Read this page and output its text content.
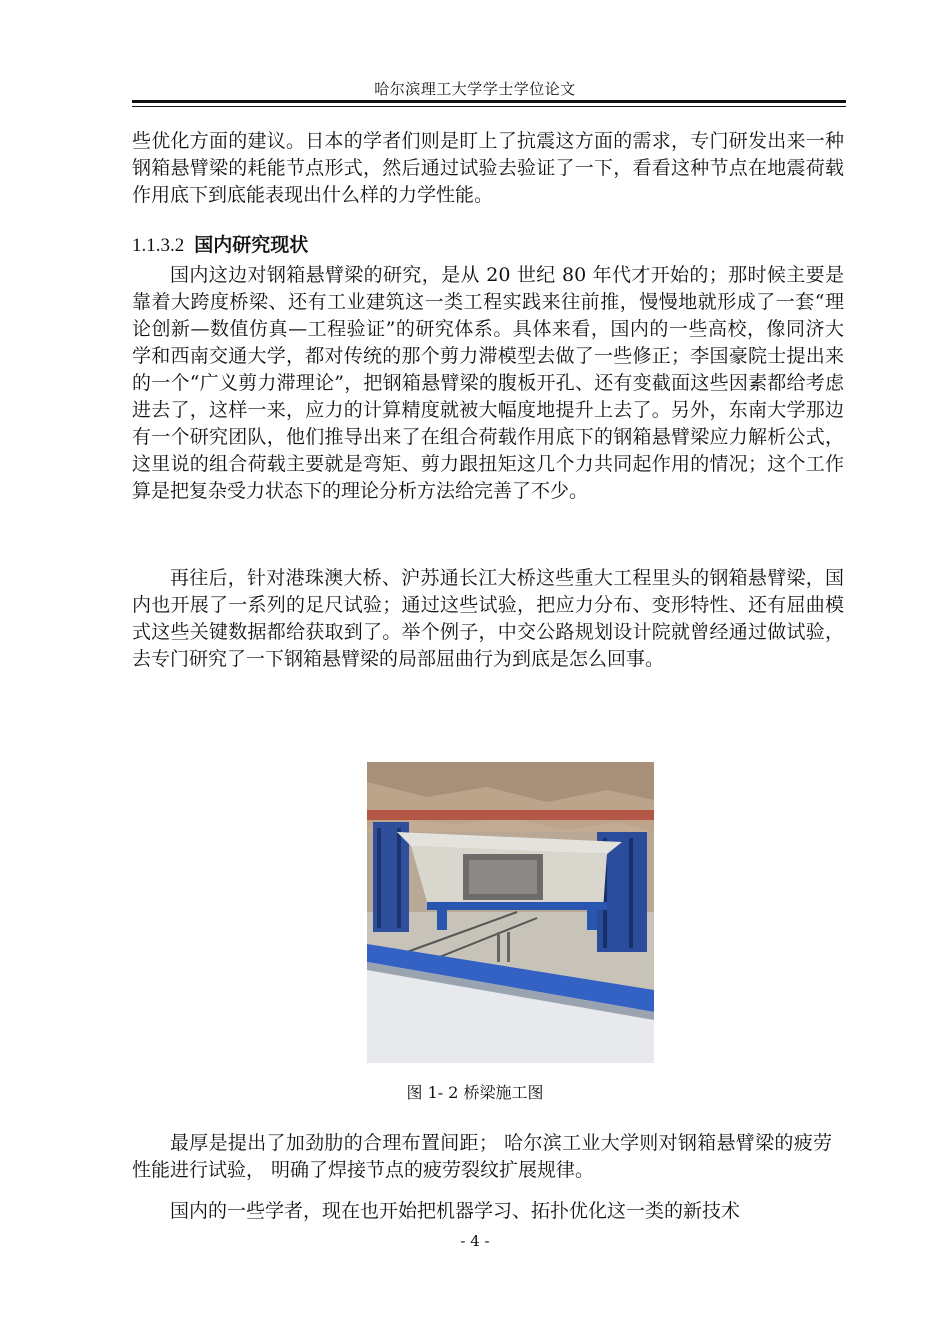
哈尔滨理工大学学士学位论文

些优化方面的建议。日本的学者们则是盯上了抗震这方面的需求，专门研发出来一种钢箱悬臂梁的耗能节点形式，然后通过试验去验证了一下，看看这种节点在地震荷载作用底下到底能表现出什么样的力学性能。

1.1.3.2 国内研究现状

国内这边对钢箱悬臂梁的研究，是从 20 世纪 80 年代才开始的；那时候主要是靠着大跨度桥梁、还有工业建筑这一类工程实践来往前推，慢慢地就形成了一套“理论创新—数值仿真—工程验证”的研究体系。具体来看，国内的一些高校，像同济大学和西南交通大学，都对传统的那个剪力滞模型去做了一些修正；李国豪院士提出来的一个“广义剪力滞理论”，把钢箱悬臂梁的腹板开孔、还有变截面这些因素都给考虑进去了，这样一来，应力的计算精度就被大幅度地提升上去了。另外，东南大学那边有一个研究团队，他们推导出来了在组合荷载作用底下的钢箱悬臂梁应力解析公式，这里说的组合荷载主要就是弯矩、剪力跟扭矩这几个力共同起作用的情况；这个工作算是把复杂受力状态下的理论分析方法给完善了不少。

再往后，针对港珠澳大桥、沪苏通长江大桥这些重大工程里头的钢箱悬臂梁，国内也开展了一系列的足尺试验；通过这些试验，把应力分布、变形特性、还有屈曲模式这些关键数据都给获取到了。举个例子，中交公路规划设计院就曾经通过做试验，去专门研究了一下钢箱悬臂梁的局部屈曲行为到底是怎么回事。

图 1- 2 桥梁施工图

最厚是提出了加劲肋的合理布置间距； 哈尔滨工业大学则对钢箱悬臂梁的疲劳性能进行试验， 明确了焊接节点的疲劳裂纹扩展规律。

国内的一些学者，现在也开始把机器学习、拓扑优化这一类的新技术

- 4 -
